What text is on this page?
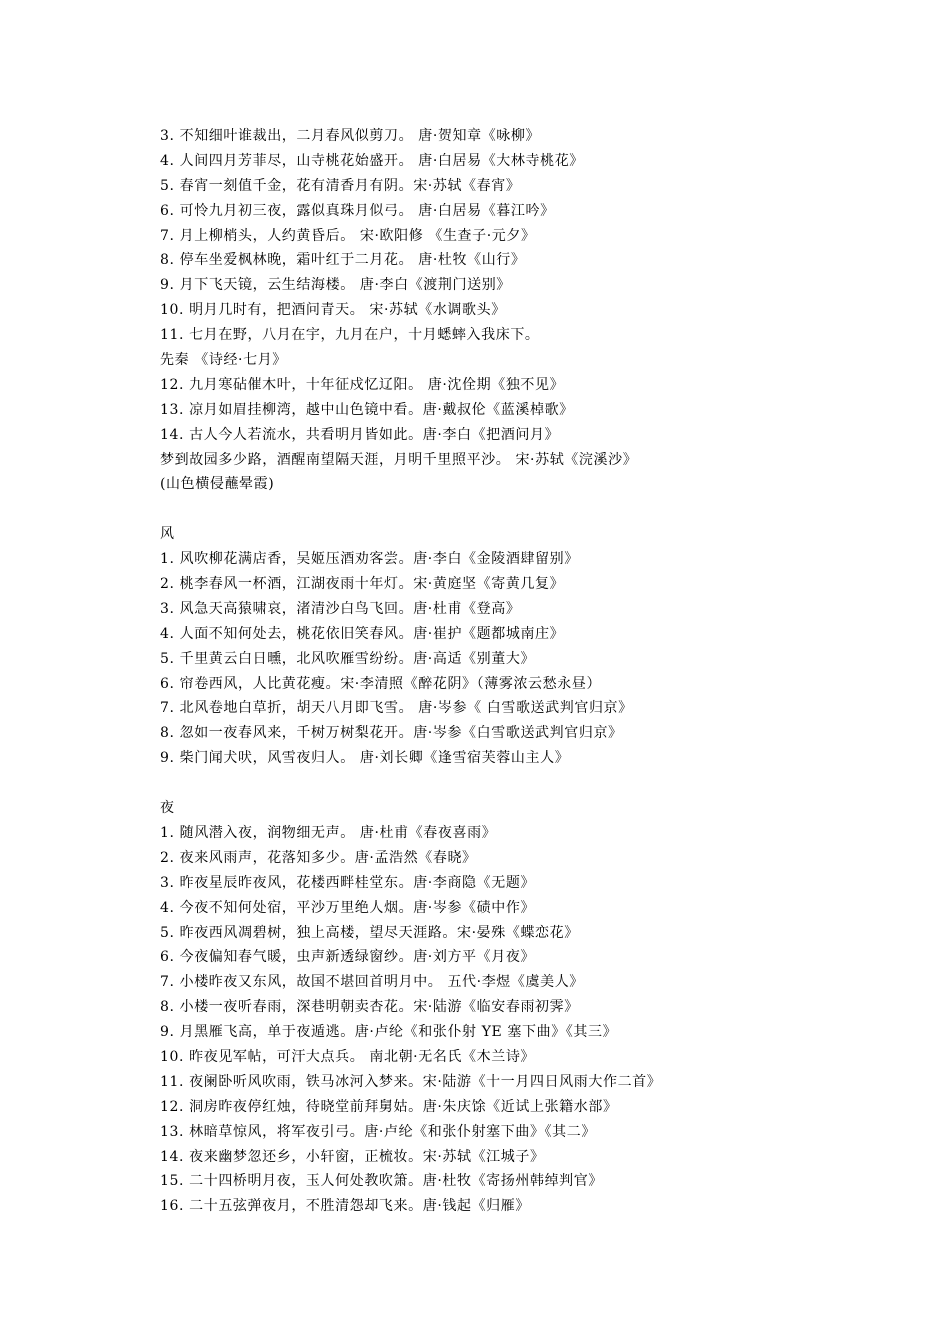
3. 不知细叶谁裁出，二月春风似剪刀。 唐·贺知章《咏柳》
4. 人间四月芳菲尽，山寺桃花始盛开。 唐·白居易《大林寺桃花》
5. 春宵一刻值千金，花有清香月有阴。宋·苏轼《春宵》
6. 可怜九月初三夜，露似真珠月似弓。 唐·白居易《暮江吟》
7. 月上柳梢头，人约黄昏后。 宋·欧阳修 《生查子·元夕》
8. 停车坐爱枫林晚，霜叶红于二月花。 唐·杜牧《山行》
9. 月下飞天镜，云生结海楼。 唐·李白《渡荆门送别》
10. 明月几时有，把酒问青天。 宋·苏轼《水调歌头》
11. 七月在野，八月在宇，九月在户，十月蟋蟀入我床下。
先秦 《诗经·七月》
12. 九月寒砧催木叶，十年征戍忆辽阳。 唐·沈佺期《独不见》
13. 凉月如眉挂柳湾，越中山色镜中看。唐·戴叔伦《蓝溪棹歌》
14. 古人今人若流水，共看明月皆如此。唐·李白《把酒问月》
梦到故园多少路，酒醒南望隔天涯，月明千里照平沙。 宋·苏轼《浣溪沙》
(山色横侵蘸晕霞)
风
1. 风吹柳花满店香，吴姬压酒劝客尝。唐·李白《金陵酒肆留别》
2. 桃李春风一杯酒，江湖夜雨十年灯。宋·黄庭坚《寄黄几复》
3. 风急天高猿啸哀，渚清沙白鸟飞回。唐·杜甫《登高》
4. 人面不知何处去，桃花依旧笑春风。唐·崔护《题都城南庄》
5. 千里黄云白日曛，北风吹雁雪纷纷。唐·高适《别董大》
6. 帘卷西风，人比黄花瘦。宋·李清照《醉花阴》（薄雾浓云愁永昼）
7. 北风卷地白草折，胡天八月即飞雪。 唐·岑参《 白雪歌送武判官归京》
8. 忽如一夜春风来，千树万树梨花开。唐·岑参《白雪歌送武判官归京》
9. 柴门闻犬吠，风雪夜归人。 唐·刘长卿《逢雪宿芙蓉山主人》
夜
1. 随风潜入夜，润物细无声。 唐·杜甫《春夜喜雨》
2. 夜来风雨声，花落知多少。唐·孟浩然《春晓》
3. 昨夜星辰昨夜风，花楼西畔桂堂东。唐·李商隐《无题》
4. 今夜不知何处宿，平沙万里绝人烟。唐·岑参《碛中作》
5. 昨夜西风凋碧树，独上高楼，望尽天涯路。宋·晏殊《蝶恋花》
6. 今夜偏知春气暖，虫声新透绿窗纱。唐·刘方平《月夜》
7. 小楼昨夜又东风，故国不堪回首明月中。 五代·李煜《虞美人》
8. 小楼一夜听春雨，深巷明朝卖杏花。宋·陆游《临安春雨初霁》
9. 月黑雁飞高，单于夜遁逃。唐·卢纶《和张仆射 YE 塞下曲》《其三》
10. 昨夜见军帖，可汗大点兵。 南北朝·无名氏《木兰诗》
11. 夜阑卧听风吹雨，铁马冰河入梦来。宋·陆游《十一月四日风雨大作二首》
12. 洞房昨夜停红烛，待晓堂前拜舅姑。唐·朱庆馀《近试上张籍水部》
13. 林暗草惊风，将军夜引弓。唐·卢纶《和张仆射塞下曲》《其二》
14. 夜来幽梦忽还乡，小轩窗，正梳妆。宋·苏轼《江城子》
15. 二十四桥明月夜，玉人何处教吹箫。唐·杜牧《寄扬州韩绰判官》
16. 二十五弦弹夜月，不胜清怨却飞来。唐·钱起《归雁》
